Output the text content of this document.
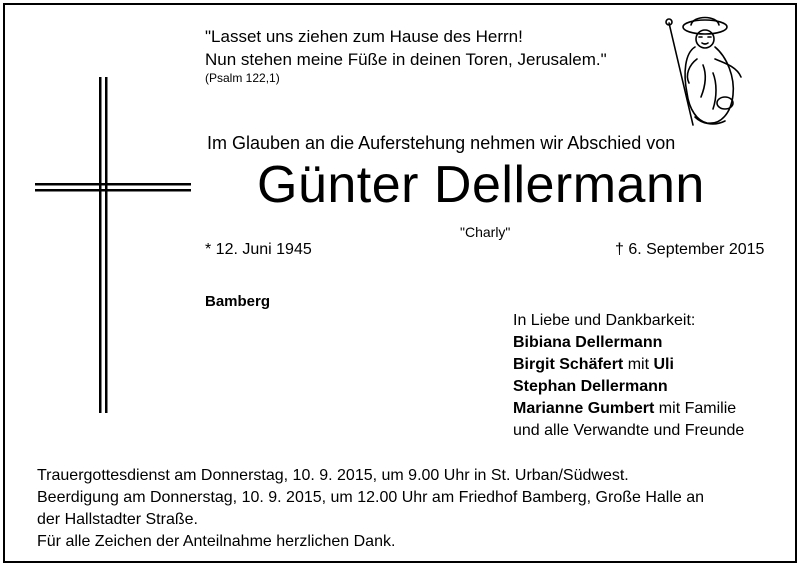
"Lasset uns ziehen zum Hause des Herrn!
Nun stehen meine Füße in deinen Toren, Jerusalem."
(Psalm 122,1)
Im Glauben an die Auferstehung nehmen wir Abschied von
Günter Dellermann
"Charly"
* 12. Juni 1945	† 6. September 2015
Bamberg
In Liebe und Dankbarkeit:
Bibiana Dellermann
Birgit Schäfert mit Uli
Stephan Dellermann
Marianne Gumbert mit Familie
und alle Verwandte und Freunde
Trauergottesdienst am Donnerstag, 10. 9. 2015, um 9.00 Uhr in St. Urban/Südwest.
Beerdigung am Donnerstag, 10. 9. 2015, um 12.00 Uhr am Friedhof Bamberg, Große Halle an
der Hallstadter Straße.
Für alle Zeichen der Anteilnahme herzlichen Dank.
